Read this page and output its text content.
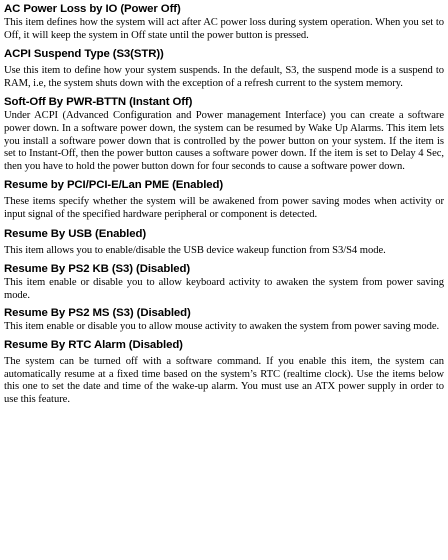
AC Power Loss by IO (Power Off)

This item defines how the system will act after AC power loss during system operation. When you set to Off, it will keep the system in Off state until the power button is pressed.

ACPI Suspend Type (S3(STR))

Use this item to define how your system suspends. In the default, S3, the suspend mode is a suspend to RAM, i.e, the system shuts down with the exception of a refresh current to the system memory.

Soft-Off By PWR-BTTN (Instant Off)

Under ACPI (Advanced Configuration and Power management Interface) you can create a software power down. In a software power down, the system can be resumed by Wake Up Alarms. This item lets you install a software power down that is controlled by the power button on your system. If the item is set to Instant-Off, then the power button causes a software power down. If the item is set to Delay 4 Sec, then you have to hold the power button down for four seconds to cause a software power down.

Resume by PCI/PCI-E/Lan PME (Enabled)

These items specify whether the system will be awakened from power saving modes when activity or input signal of the specified hardware peripheral or component is detected.

Resume By USB (Enabled)

This item allows you to enable/disable the USB device wakeup function from S3/S4 mode.

Resume By PS2 KB (S3) (Disabled)

This item enable or disable you to allow keyboard activity to awaken the system from power saving mode.

Resume By PS2 MS (S3) (Disabled)

This item enable or disable you to allow mouse activity to awaken the system from power saving mode.

Resume By RTC Alarm (Disabled)

The system can be turned off with a software command. If you enable this item, the system can automatically resume at a fixed time based on the system’s RTC (realtime clock). Use the items below this one to set the date and time of the wake-up alarm. You must use an ATX power supply in order to use this feature.
